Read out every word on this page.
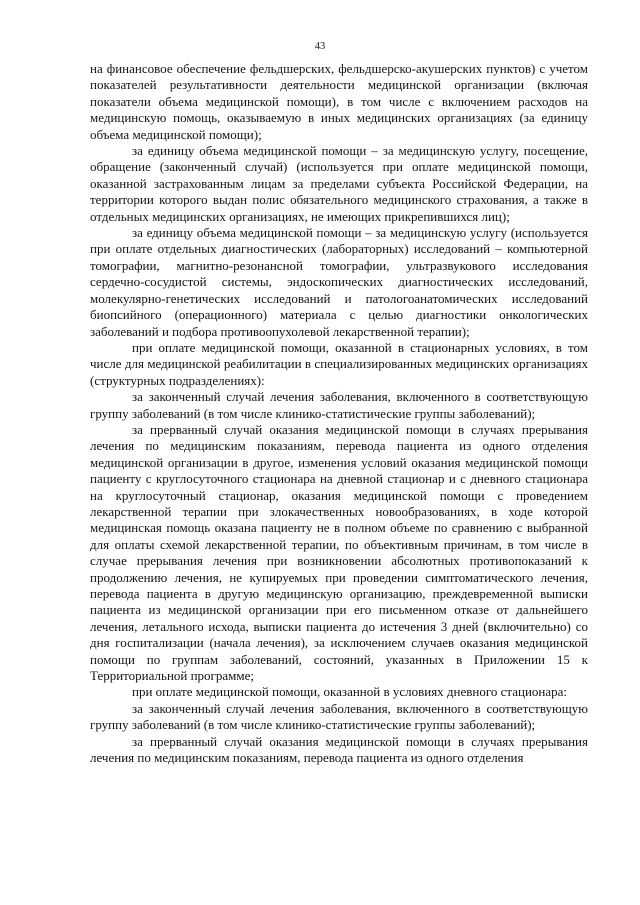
43

на финансовое обеспечение фельдшерских, фельдшерско-акушерских пунктов) с учетом показателей результативности деятельности медицинской организации (включая показатели объема медицинской помощи), в том числе с включением расходов на медицинскую помощь, оказываемую в иных медицинских организациях (за единицу объема медицинской помощи);

за единицу объема медицинской помощи – за медицинскую услугу, посещение, обращение (законченный случай) (используется при оплате медицинской помощи, оказанной застрахованным лицам за пределами субъекта Российской Федерации, на территории которого выдан полис обязательного медицинского страхования, а также в отдельных медицинских организациях, не имеющих прикрепившихся лиц);

за единицу объема медицинской помощи – за медицинскую услугу (используется при оплате отдельных диагностических (лабораторных) исследований – компьютерной томографии, магнитно-резонансной томографии, ультразвукового исследования сердечно-сосудистой системы, эндоскопических диагностических исследований, молекулярно-генетических исследований и патологоанатомических исследований биопсийного (операционного) материала с целью диагностики онкологических заболеваний и подбора противоопухолевой лекарственной терапии);

при оплате медицинской помощи, оказанной в стационарных условиях, в том числе для медицинской реабилитации в специализированных медицинских организациях (структурных подразделениях):

за законченный случай лечения заболевания, включенного в соответствующую группу заболеваний (в том числе клинико-статистические группы заболеваний);

за прерванный случай оказания медицинской помощи в случаях прерывания лечения по медицинским показаниям, перевода пациента из одного отделения медицинской организации в другое, изменения условий оказания медицинской помощи пациенту с круглосуточного стационара на дневной стационар и с дневного стационара на круглосуточный стационар, оказания медицинской помощи с проведением лекарственной терапии при злокачественных новообразованиях, в ходе которой медицинская помощь оказана пациенту не в полном объеме по сравнению с выбранной для оплаты схемой лекарственной терапии, по объективным причинам, в том числе в случае прерывания лечения при возникновении абсолютных противопоказаний к продолжению лечения, не купируемых при проведении симптоматического лечения, перевода пациента в другую медицинскую организацию, преждевременной выписки пациента из медицинской организации при его письменном отказе от дальнейшего лечения, летального исхода, выписки пациента до истечения 3 дней (включительно) со дня госпитализации (начала лечения), за исключением случаев оказания медицинской помощи по группам заболеваний, состояний, указанных в Приложении 15 к Территориальной программе;

при оплате медицинской помощи, оказанной в условиях дневного стационара:

за законченный случай лечения заболевания, включенного в соответствующую группу заболеваний (в том числе клинико-статистические группы заболеваний);

за прерванный случай оказания медицинской помощи в случаях прерывания лечения по медицинским показаниям, перевода пациента из одного отделения
